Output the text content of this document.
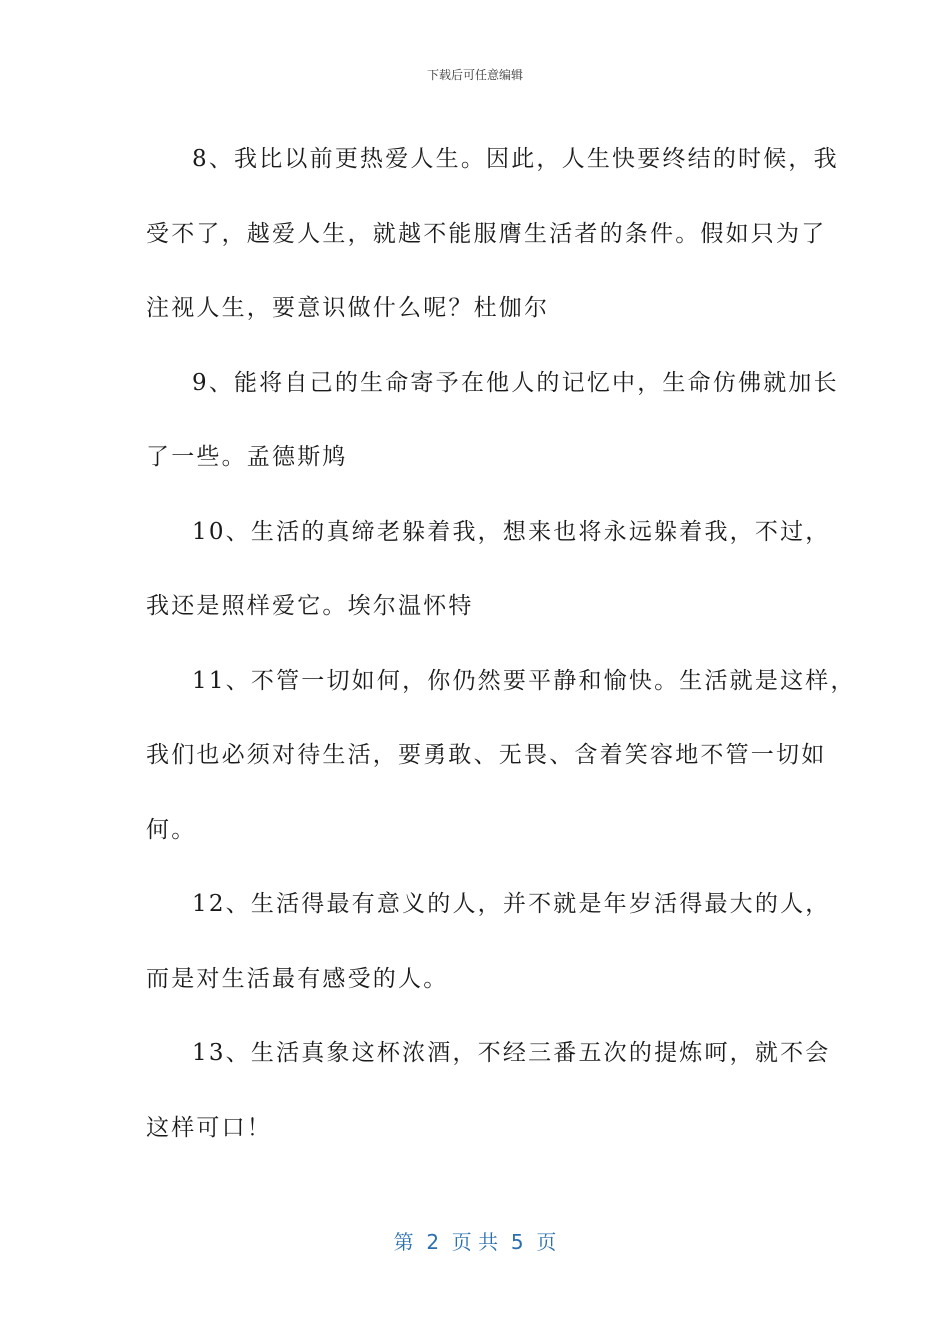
下载后可任意编辑
8、我比以前更热爱人生。因此，人生快要终结的时候，我
受不了，越爱人生，就越不能服膺生活者的条件。假如只为了
注视人生，要意识做什么呢？杜伽尔
9、能将自己的生命寄予在他人的记忆中，生命仿佛就加长
了一些。孟德斯鸠
10、生活的真缔老躲着我，想来也将永远躲着我，不过，
我还是照样爱它。埃尔温怀特
11、不管一切如何，你仍然要平静和愉快。生活就是这样，
我们也必须对待生活，要勇敢、无畏、含着笑容地不管一切如
何。
12、生活得最有意义的人，并不就是年岁活得最大的人，
而是对生活最有感受的人。
13、生活真象这杯浓酒，不经三番五次的提炼呵，就不会
这样可口！
第  2  页 共  5  页
